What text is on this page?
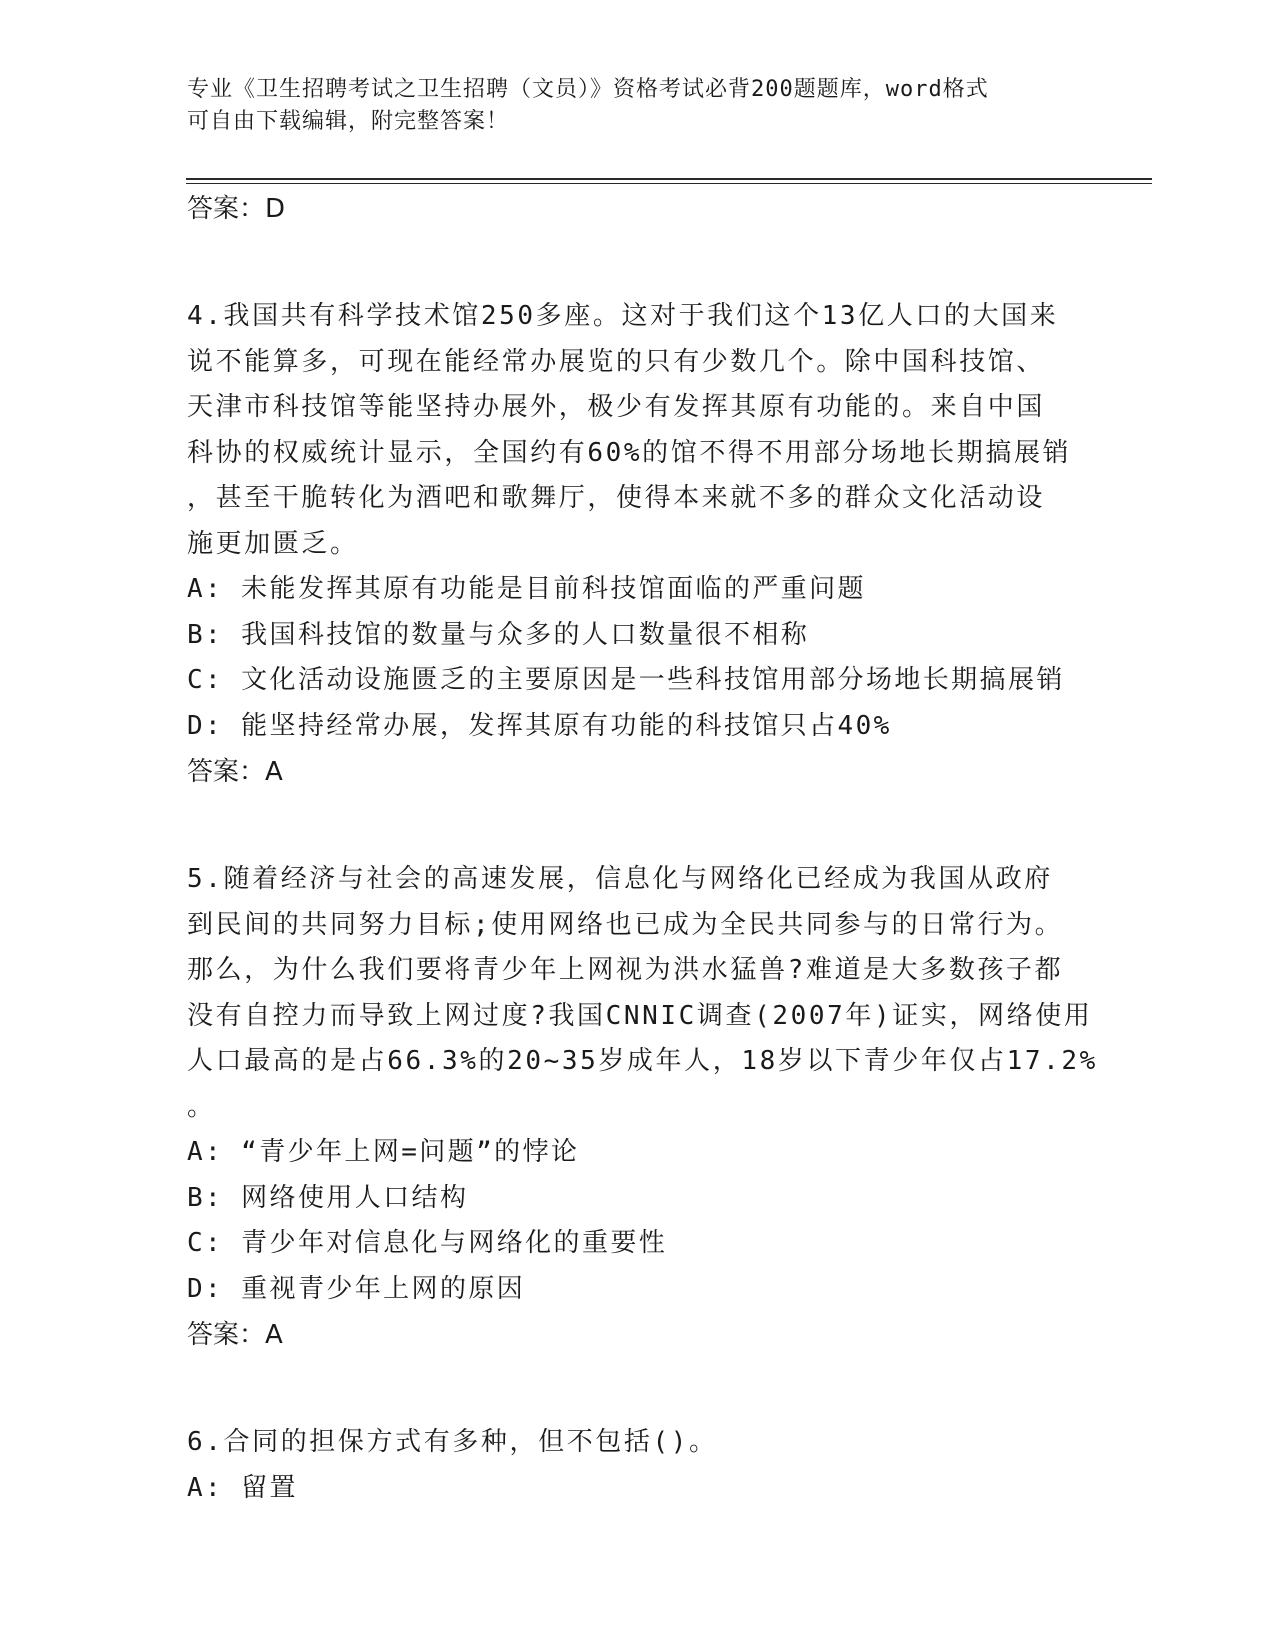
专业《卫生招聘考试之卫生招聘（文员）》资格考试必背200题题库，word格式
可自由下载编辑，附完整答案！
答案：D
4.我国共有科学技术馆250多座。这对于我们这个13亿人口的大国来
说不能算多，可现在能经常办展览的只有少数几个。除中国科技馆、
天津市科技馆等能坚持办展外，极少有发挥其原有功能的。来自中国
科协的权威统计显示，全国约有60%的馆不得不用部分场地长期搞展销
，甚至干脆转化为酒吧和歌舞厅，使得本来就不多的群众文化活动设
施更加匮乏。
A: 未能发挥其原有功能是目前科技馆面临的严重问题
B: 我国科技馆的数量与众多的人口数量很不相称
C: 文化活动设施匮乏的主要原因是一些科技馆用部分场地长期搞展销
D: 能坚持经常办展，发挥其原有功能的科技馆只占40%
答案：A
5.随着经济与社会的高速发展，信息化与网络化已经成为我国从政府
到民间的共同努力目标;使用网络也已成为全民共同参与的日常行为。
那么，为什么我们要将青少年上网视为洪水猛兽?难道是大多数孩子都
没有自控力而导致上网过度?我国CNNIC调查(2007年)证实，网络使用
人口最高的是占66.3%的20~35岁成年人，18岁以下青少年仅占17.2%
。
A: “青少年上网=问题”的悖论
B: 网络使用人口结构
C: 青少年对信息化与网络化的重要性
D: 重视青少年上网的原因
答案：A
6.合同的担保方式有多种，但不包括()。
A: 留置
